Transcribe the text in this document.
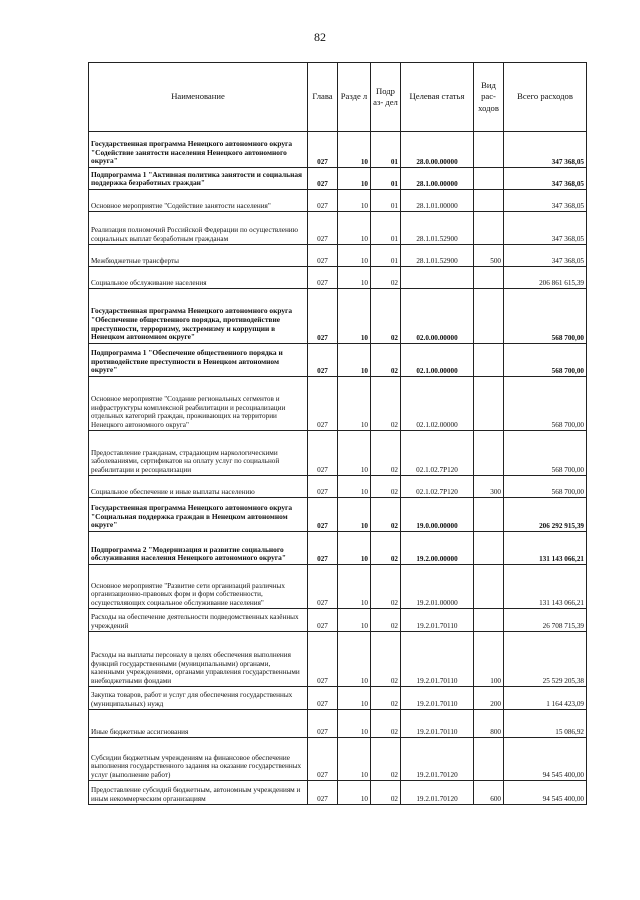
82
Наименование	Глава	Разде л	Подр аз- дел	Целевая статья	Вид рас- ходов	Всего расходов
Государственная программа Ненецкого автономного округа "Содействие занятости населения Ненецкого автономного округа"	027	10	01	28.0.00.00000		347 368,05
Подпрограмма 1 "Активная политика занятости и социальная поддержка безработных граждан"	027	10	01	28.1.00.00000		347 368,05
Основное мероприятие "Содействие занятости населения"	027	10	01	28.1.01.00000		347 368,05
Реализация полномочий Российской Федерации по осуществлению социальных выплат безработным гражданам	027	10	01	28.1.01.52900		347 368,05
Межбюджетные трансферты	027	10	01	28.1.01.52900	500	347 368,05
Социальное обслуживание населения	027	10	02			206 861 615,39
Государственная программа Ненецкого автономного округа "Обеспечение общественного порядка, противодействие преступности, терроризму, экстремизму и коррупции в Ненецком автономном округе"	027	10	02	02.0.00.00000		568 700,00
Подпрограмма 1 "Обеспечение общественного порядка и противодействие преступности в Ненецком автономном округе"	027	10	02	02.1.00.00000		568 700,00
Основное мероприятие "Создание региональных сегментов и инфраструктуры комплексной реабилитации и ресоциализации отдельных категорий граждан, проживающих на территории Ненецкого автономного округа"	027	10	02	02.1.02.00000		568 700,00
Предоставление гражданам, страдающим наркологическими заболеваниями, сертификатов на оплату услуг по социальной реабилитации и ресоциализации	027	10	02	02.1.02.7Р120		568 700,00
Социальное обеспечение и иные выплаты населению	027	10	02	02.1.02.7Р120	300	568 700,00
Государственная программа Ненецкого автономного округа "Социальная поддержка граждан в Ненецком автономном округе"	027	10	02	19.0.00.00000		206 292 915,39
Подпрограмма 2 "Модернизация и развитие социального обслуживания населения Ненецкого автономного округа"	027	10	02	19.2.00.00000		131 143 066,21
Основное мероприятие "Развитие сети организаций различных организационно-правовых форм и форм собственности, осуществляющих социальное обслуживание населения"	027	10	02	19.2.01.00000		131 143 066,21
Расходы на обеспечение деятельности подведомственных казённых учреждений	027	10	02	19.2.01.70110		26 708 715,39
Расходы на выплаты персоналу в целях обеспечения выполнения функций государственными (муниципальными) органами, казенными учреждениями, органами управления государственными внебюджетными фондами	027	10	02	19.2.01.70110	100	25 529 205,38
Закупка товаров, работ и услуг для обеспечения государственных (муниципальных) нужд	027	10	02	19.2.01.70110	200	1 164 423,09
Иные бюджетные ассигнования	027	10	02	19.2.01.70110	800	15 086,92
Субсидии бюджетным учреждениям на финансовое обеспечение выполнения государственного задания на оказание государственных услуг (выполнение работ)	027	10	02	19.2.01.70120		94 545 400,00
Предоставление субсидий бюджетным, автономным учреждениям и иным некоммерческим организациям	027	10	02	19.2.01.70120	600	94 545 400,00
